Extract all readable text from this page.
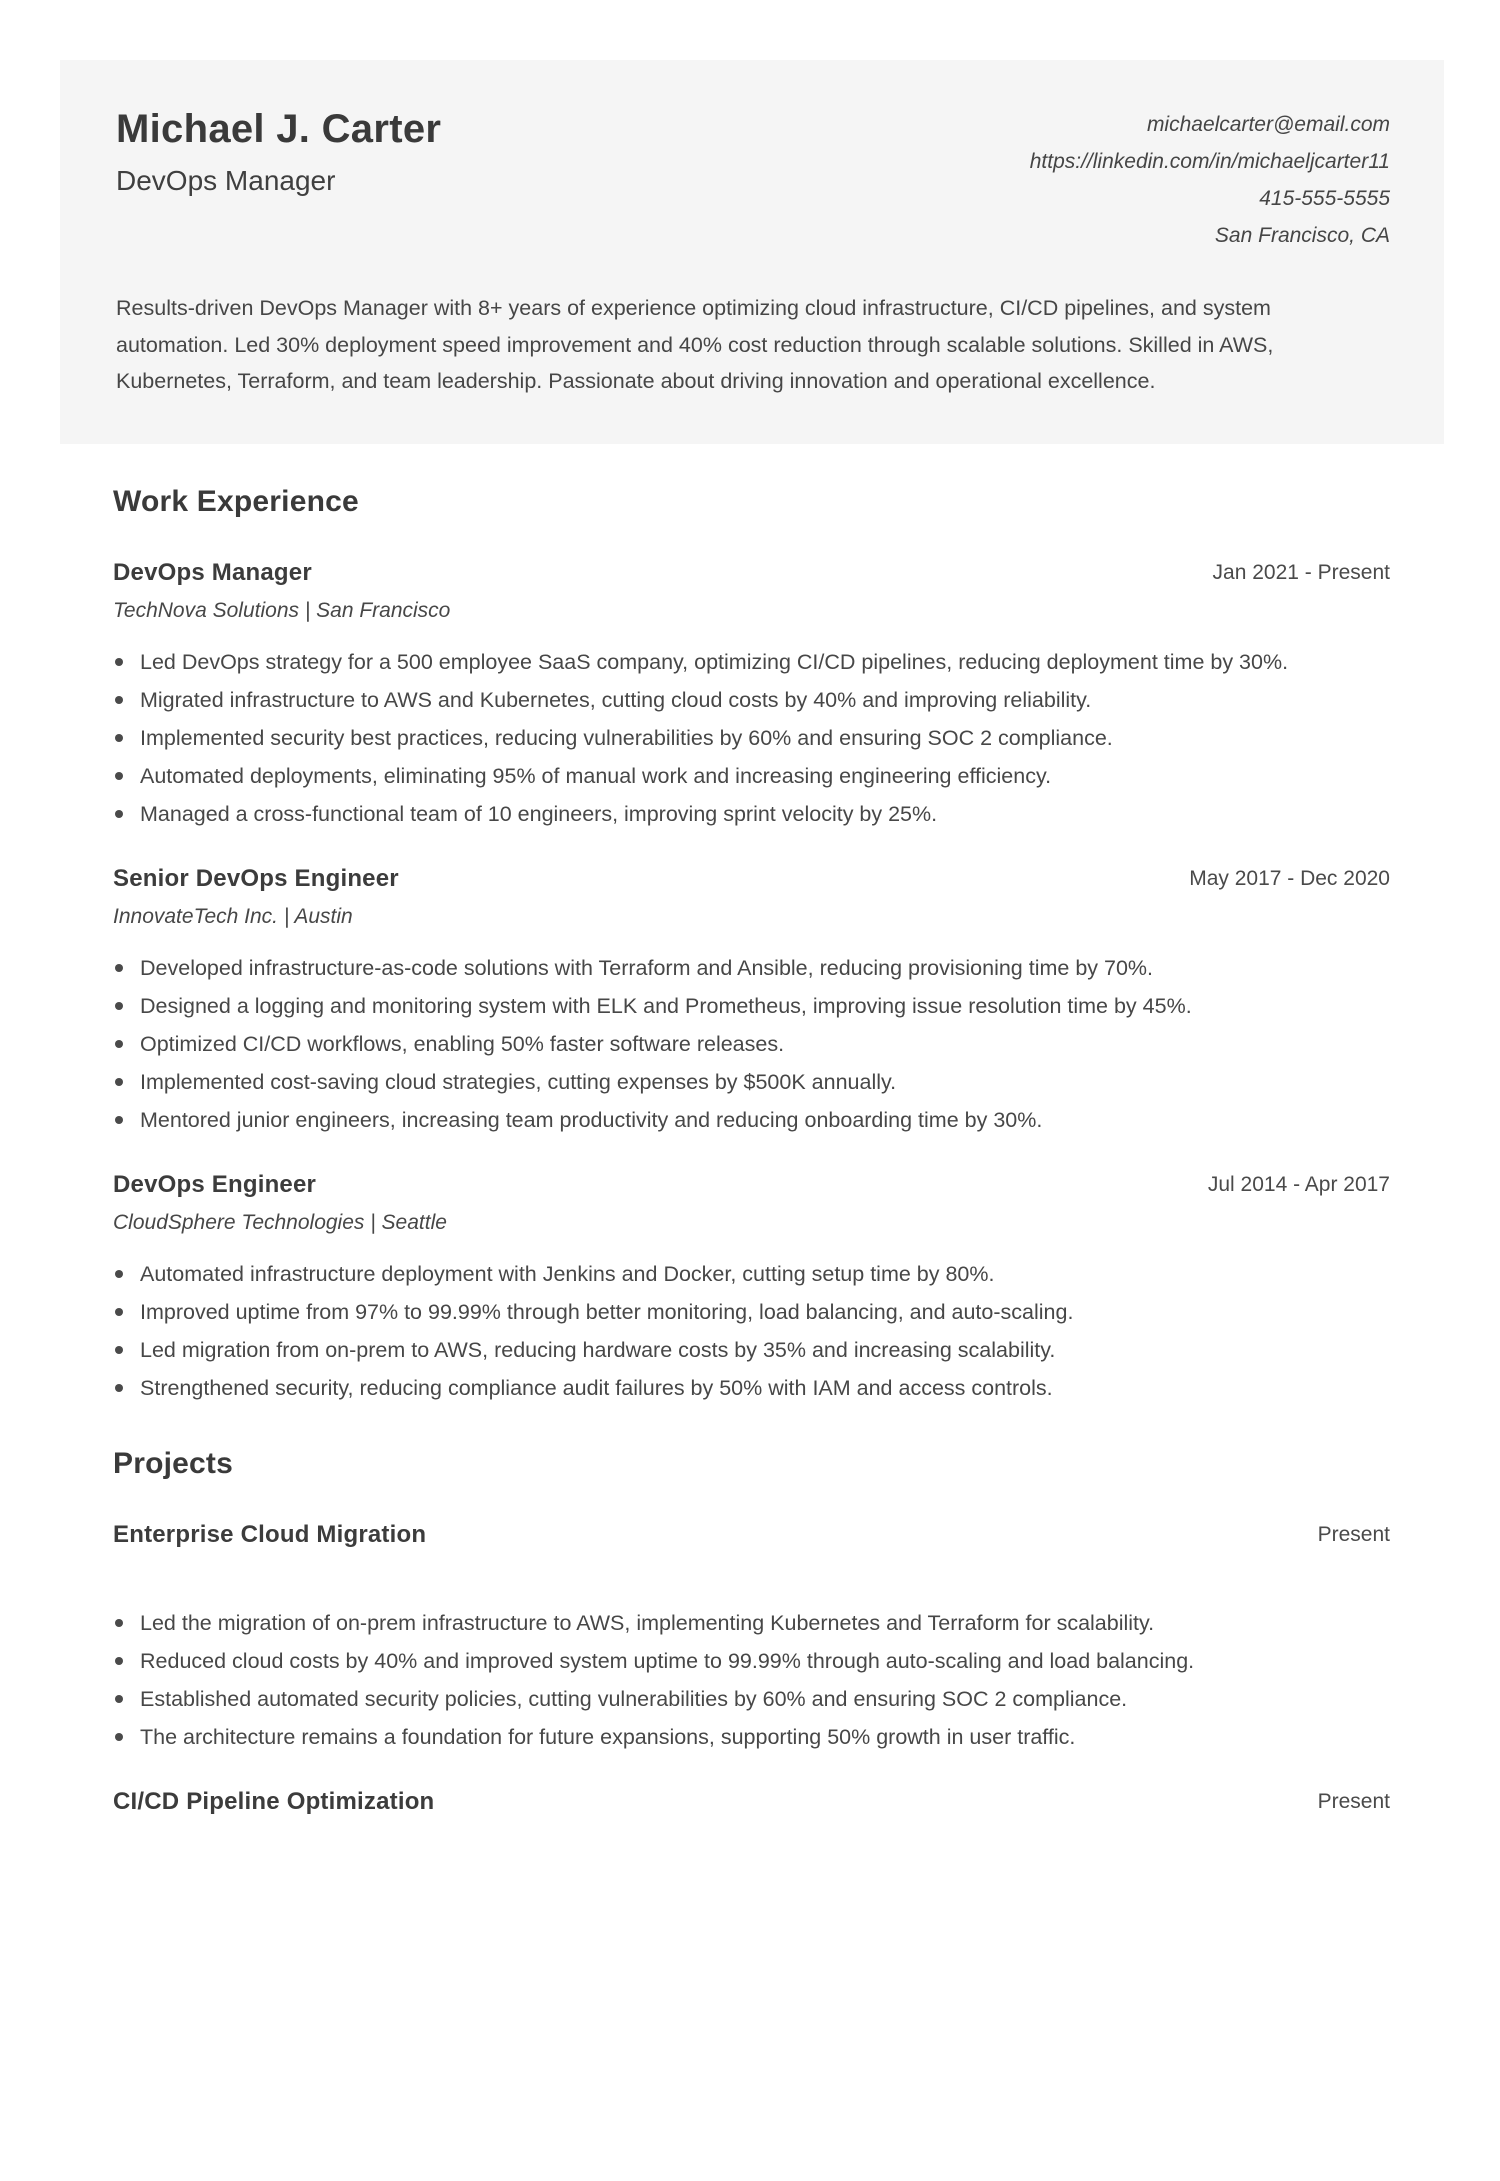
Michael J. Carter
DevOps Manager
michaelcarter@email.com
https://linkedin.com/in/michaeljcarter11
415-555-5555
San Francisco, CA

Results-driven DevOps Manager with 8+ years of experience optimizing cloud infrastructure, CI/CD pipelines, and system automation. Led 30% deployment speed improvement and 40% cost reduction through scalable solutions. Skilled in AWS, Kubernetes, Terraform, and team leadership. Passionate about driving innovation and operational excellence.

Work Experience
DevOps Manager	Jan 2021 - Present
TechNova Solutions | San Francisco
Led DevOps strategy for a 500 employee SaaS company, optimizing CI/CD pipelines, reducing deployment time by 30%.
Migrated infrastructure to AWS and Kubernetes, cutting cloud costs by 40% and improving reliability.
Implemented security best practices, reducing vulnerabilities by 60% and ensuring SOC 2 compliance.
Automated deployments, eliminating 95% of manual work and increasing engineering efficiency.
Managed a cross-functional team of 10 engineers, improving sprint velocity by 25%.
Senior DevOps Engineer	May 2017 - Dec 2020
InnovateTech Inc. | Austin
Developed infrastructure-as-code solutions with Terraform and Ansible, reducing provisioning time by 70%.
Designed a logging and monitoring system with ELK and Prometheus, improving issue resolution time by 45%.
Optimized CI/CD workflows, enabling 50% faster software releases.
Implemented cost-saving cloud strategies, cutting expenses by $500K annually.
Mentored junior engineers, increasing team productivity and reducing onboarding time by 30%.
DevOps Engineer	Jul 2014 - Apr 2017
CloudSphere Technologies | Seattle
Automated infrastructure deployment with Jenkins and Docker, cutting setup time by 80%.
Improved uptime from 97% to 99.99% through better monitoring, load balancing, and auto-scaling.
Led migration from on-prem to AWS, reducing hardware costs by 35% and increasing scalability.
Strengthened security, reducing compliance audit failures by 50% with IAM and access controls.
Projects
Enterprise Cloud Migration	Present
Led the migration of on-prem infrastructure to AWS, implementing Kubernetes and Terraform for scalability.
Reduced cloud costs by 40% and improved system uptime to 99.99% through auto-scaling and load balancing.
Established automated security policies, cutting vulnerabilities by 60% and ensuring SOC 2 compliance.
The architecture remains a foundation for future expansions, supporting 50% growth in user traffic.
CI/CD Pipeline Optimization	Present
